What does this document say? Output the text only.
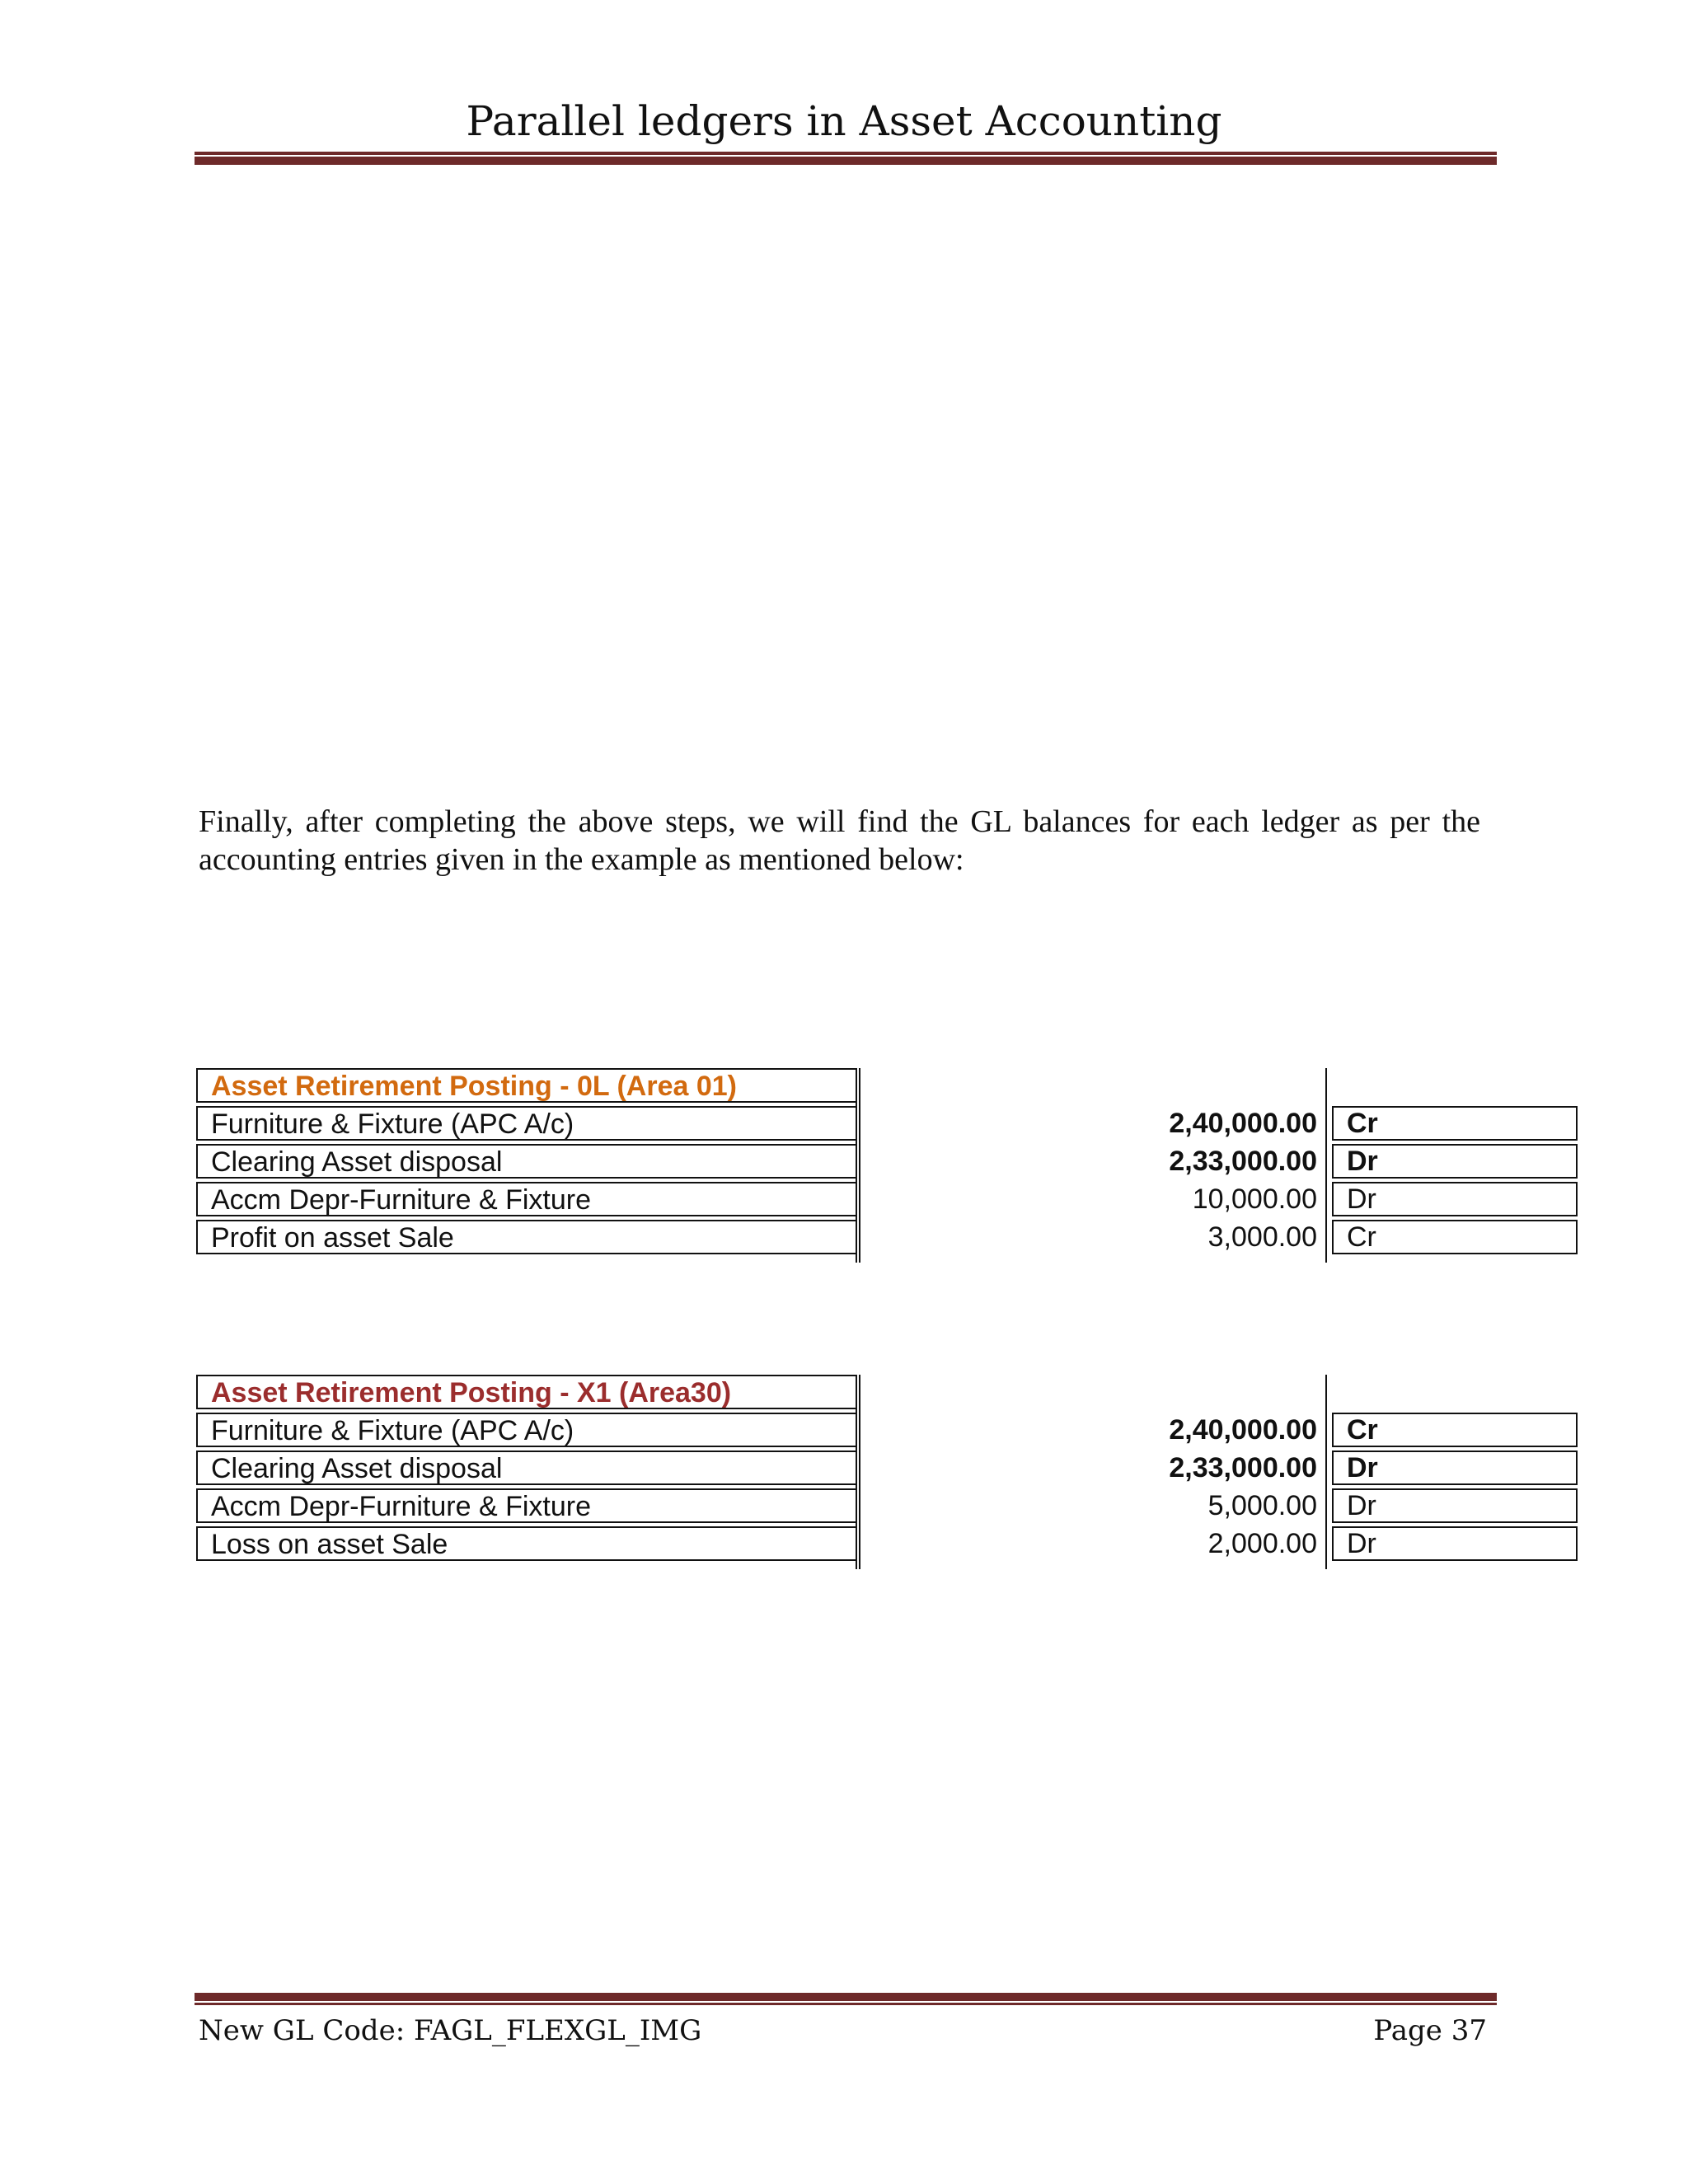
Parallel ledgers in Asset Accounting
Finally, after completing the above steps, we will find the GL balances for each ledger as per the accounting entries given in the example as mentioned below:
Asset Retirement Posting - 0L (Area 01)
Furniture & Fixture (APC A/c)	2,40,000.00	Cr
Clearing Asset disposal	2,33,000.00	Dr
Accm Depr-Furniture & Fixture	10,000.00	Dr
Profit on asset Sale	3,000.00	Cr
Asset Retirement Posting - X1 (Area30)
Furniture & Fixture (APC A/c)	2,40,000.00	Cr
Clearing Asset disposal	2,33,000.00	Dr
Accm Depr-Furniture & Fixture	5,000.00	Dr
Loss on asset Sale	2,000.00	Dr
New GL Code: FAGL_FLEXGL_IMG	Page 37
